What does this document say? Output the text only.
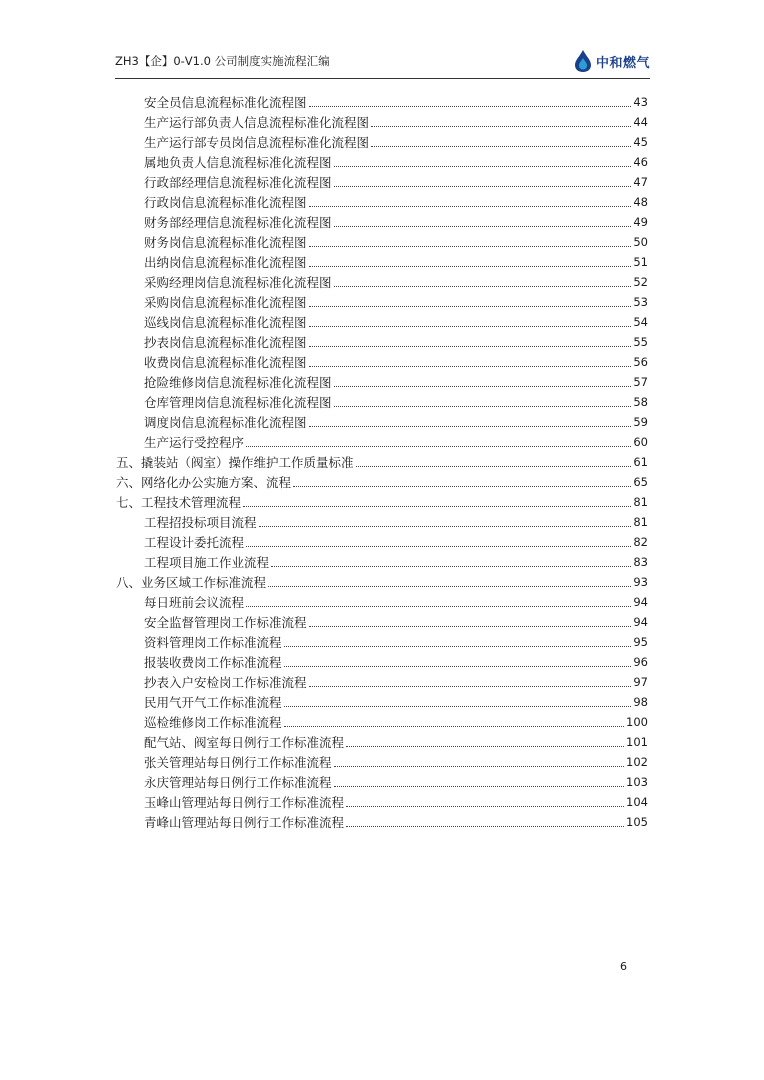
ZH3【企】0-V1.0 公司制度实施流程汇编	中和燃气
安全员信息流程标准化流程图	43
生产运行部负责人信息流程标准化流程图	44
生产运行部专员岗信息流程标准化流程图	45
属地负责人信息流程标准化流程图	46
行政部经理信息流程标准化流程图	47
行政岗信息流程标准化流程图	48
财务部经理信息流程标准化流程图	49
财务岗信息流程标准化流程图	50
出纳岗信息流程标准化流程图	51
采购经理岗信息流程标准化流程图	52
采购岗信息流程标准化流程图	53
巡线岗信息流程标准化流程图	54
抄表岗信息流程标准化流程图	55
收费岗信息流程标准化流程图	56
抢险维修岗信息流程标准化流程图	57
仓库管理岗信息流程标准化流程图	58
调度岗信息流程标准化流程图	59
生产运行受控程序	60
五、撬装站（阀室）操作维护工作质量标准	61
六、网络化办公实施方案、流程	65
七、工程技术管理流程	81
工程招投标项目流程	81
工程设计委托流程	82
工程项目施工作业流程	83
八、业务区域工作标准流程	93
每日班前会议流程	94
安全监督管理岗工作标准流程	94
资料管理岗工作标准流程	95
报装收费岗工作标准流程	96
抄表入户安检岗工作标准流程	97
民用气开气工作标准流程	98
巡检维修岗工作标准流程	100
配气站、阀室每日例行工作标准流程	101
张关管理站每日例行工作标准流程	102
永庆管理站每日例行工作标准流程	103
玉峰山管理站每日例行工作标准流程	104
青峰山管理站每日例行工作标准流程	105
6
